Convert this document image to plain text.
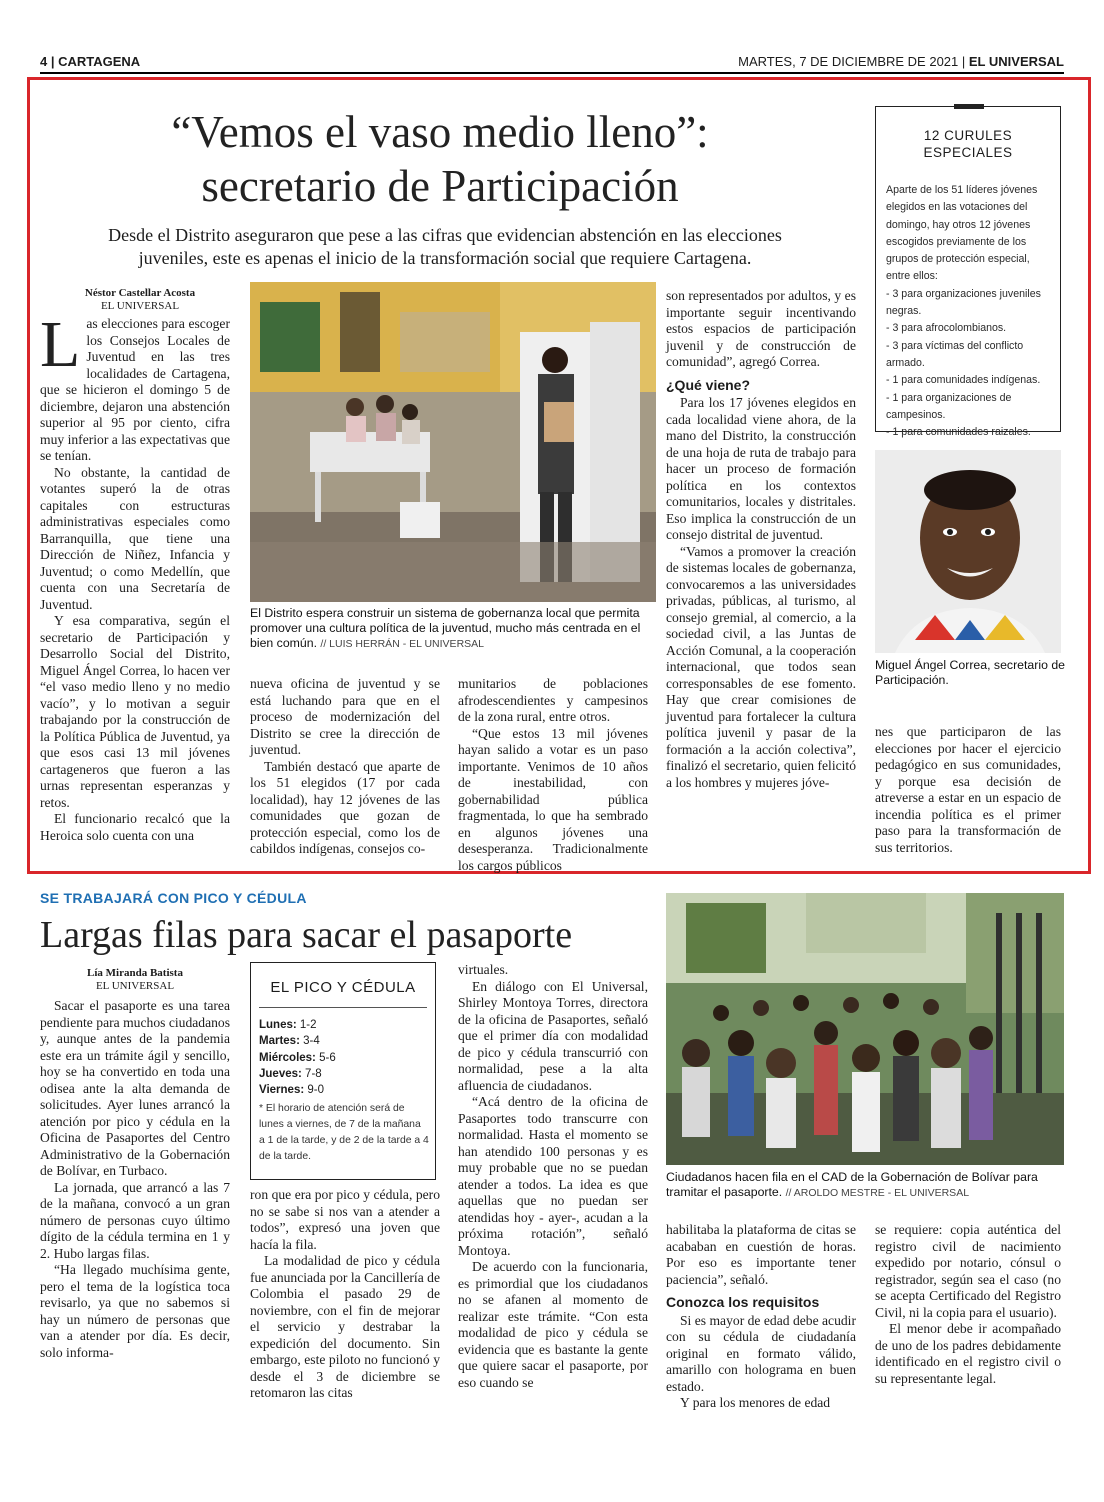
4 | CARTAGENA	MARTES, 7 DE DICIEMBRE DE 2021 | EL UNIVERSAL
“Vemos el vaso medio lleno”:
secretario de Participación
Desde el Distrito aseguraron que pese a las cifras que evidencian abstención en las elecciones
juveniles, este es apenas el inicio de la transformación social que requiere Cartagena.
Néstor Castellar Acosta
EL UNIVERSAL
L as elecciones para escoger los Consejos Locales de Juventud en las tres localidades de Cartagena, que se hicieron el domingo 5 de diciembre, dejaron una abstención superior al 95 por ciento, cifra muy inferior a las expectativas que se tenían.

No obstante, la cantidad de votantes superó la de otras capitales con estructuras administrativas especiales como Barranquilla, que tiene una Dirección de Niñez, Infancia y Juventud; o como Medellín, que cuenta con una Secretaría de Juventud.

Y esa comparativa, según el secretario de Participación y Desarrollo Social del Distrito, Miguel Ángel Correa, lo hacen ver “el vaso medio lleno y no medio vacío”, y lo motivan a seguir trabajando por la construcción de la Política Pública de Juventud, ya que esos casi 13 mil jóvenes cartageneros que fueron a las urnas representan esperanzas y retos.

El funcionario recalcó que la Heroica solo cuenta con una

El Distrito espera construir un sistema de gobernanza local que permita promover una cultura política de la juventud, mucho más centrada en el bien común. // LUIS HERRÁN - EL UNIVERSAL

nueva oficina de juventud y se está luchando para que en el proceso de modernización del Distrito se cree la dirección de juventud.

También destacó que aparte de los 51 elegidos (17 por cada localidad), hay 12 jóvenes de las comunidades que gozan de protección especial, como los de cabildos indígenas, consejos co-

munitarios de poblaciones afrodescendientes y campesinos de la zona rural, entre otros.

“Que estos 13 mil jóvenes hayan salido a votar es un paso importante. Venimos de 10 años de inestabilidad, con gobernabilidad pública fragmentada, lo que ha sembrado en algunos jóvenes una desesperanza. Tradicionalmente los cargos públicos

son representados por adultos, y es importante seguir incentivando estos espacios de participación juvenil y de construcción de comunidad”, agregó Correa.

¿Qué viene?

Para los 17 jóvenes elegidos en cada localidad viene ahora, de la mano del Distrito, la construcción de una hoja de ruta de trabajo para hacer un proceso de formación política en los contextos comunitarios, locales y distritales. Eso implica la construcción de un consejo distrital de juventud.

“Vamos a promover la creación de sistemas locales de gobernanza, convocaremos a las universidades privadas, públicas, al turismo, al consejo gremial, al comercio, a la sociedad civil, a las Juntas de Acción Comunal, a la cooperación internacional, que todos sean corresponsables de ese fomento. Hay que crear comisiones de juventud para fortalecer la cultura política juvenil y pasar de la formación a la acción colectiva”, finalizó el secretario, quien felicitó a los hombres y mujeres jóve-

12 CURULES
ESPECIALES
Aparte de los 51 líderes jóvenes elegidos en las votaciones del domingo, hay otros 12 jóvenes escogidos previamente de los grupos de protección especial, entre ellos:
- 3 para organizaciones juveniles negras.
- 3 para afrocolombianos.
- 3 para víctimas del conflicto armado.
- 1 para comunidades indígenas.
- 1 para organizaciones de campesinos.
- 1 para comunidades raizales.
Miguel Ángel Correa, secretario de Participación.

nes que participaron de las elecciones por hacer el ejercicio pedagógico en sus comunidades, y porque esa decisión de atreverse a estar en un espacio de incendia política es el primer paso para la transformación de sus territorios.

SE TRABAJARÁ CON PICO Y CÉDULA
Largas filas para sacar el pasaporte
Lía Miranda Batista
EL UNIVERSAL

Sacar el pasaporte es una tarea pendiente para muchos ciudadanos y, aunque antes de la pandemia este era un trámite ágil y sencillo, hoy se ha convertido en toda una odisea ante la alta demanda de solicitudes. Ayer lunes arrancó la atención por pico y cédula en la Oficina de Pasaportes del Centro Administrativo de la Gobernación de Bolívar, en Turbaco.

La jornada, que arrancó a las 7 de la mañana, convocó a un gran número de personas cuyo último dígito de la cédula termina en 1 y 2. Hubo largas filas.

“Ha llegado muchísima gente, pero el tema de la logística toca revisarlo, ya que no sabemos si hay un número de personas que van a atender por día. Es decir, solo informa-

EL PICO Y CÉDULA
Lunes: 1-2
Martes: 3-4
Miércoles: 5-6
Jueves: 7-8
Viernes: 9-0
* El horario de atención será de lunes a viernes, de 7 de la mañana a 1 de la tarde, y de 2 de la tarde a 4 de la tarde.

ron que era por pico y cédula, pero no se sabe si nos van a atender a todos”, expresó una joven que hacía la fila.

La modalidad de pico y cédula fue anunciada por la Cancillería de Colombia el pasado 29 de noviembre, con el fin de mejorar el servicio y destrabar la expedición del documento. Sin embargo, este piloto no funcionó y desde el 3 de diciembre se retomaron las citas

virtuales.

En diálogo con El Universal, Shirley Montoya Torres, directora de la oficina de Pasaportes, señaló que el primer día con modalidad de pico y cédula transcurrió con normalidad, pese a la alta afluencia de ciudadanos.

“Acá dentro de la oficina de Pasaportes todo transcurre con normalidad. Hasta el momento se han atendido 100 personas y es muy probable que no se puedan atender a todos. La idea es que aquellas que no puedan ser atendidas hoy - ayer-, acudan a la próxima rotación”, señaló Montoya.

De acuerdo con la funcionaria, es primordial que los ciudadanos no se afanen al momento de realizar este trámite. “Con esta modalidad de pico y cédula se evidencia que es bastante la gente que quiere sacar el pasaporte, por eso cuando se

Ciudadanos hacen fila en el CAD de la Gobernación de Bolívar para tramitar el pasaporte. // AROLDO MESTRE - EL UNIVERSAL

habilitaba la plataforma de citas se acababan en cuestión de horas. Por eso es importante tener paciencia”, señaló.

Conozca los requisitos

Si es mayor de edad debe acudir con su cédula de ciudadanía original en formato válido, amarillo con holograma en buen estado.

Y para los menores de edad

se requiere: copia auténtica del registro civil de nacimiento expedido por notario, cónsul o registrador, según sea el caso (no se acepta Certificado del Registro Civil, ni la copia para el usuario).

El menor debe ir acompañado de uno de los padres debidamente identificado en el registro civil o su representante legal.
